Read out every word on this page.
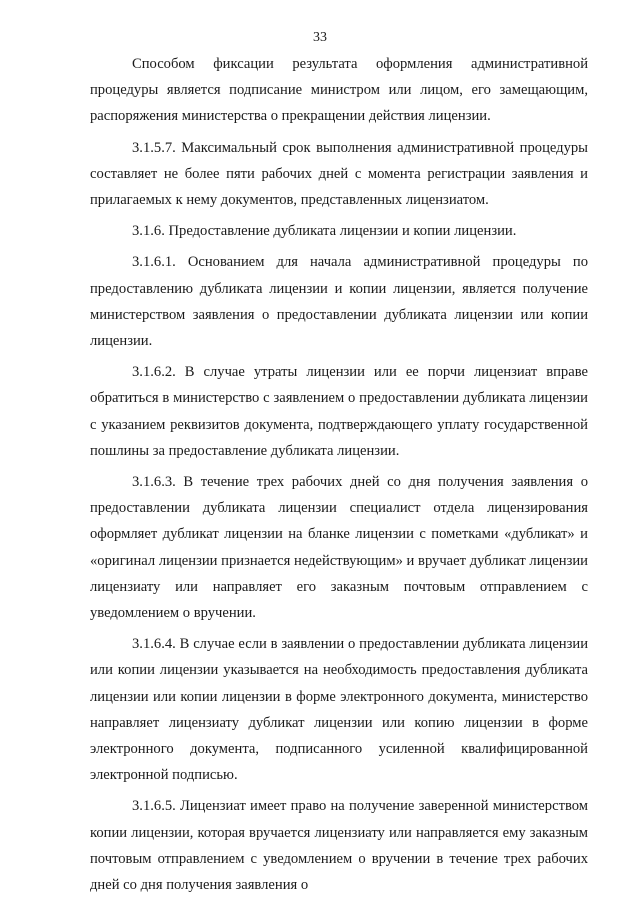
33

Способом фиксации результата оформления административной процедуры является подписание министром или лицом, его замещающим, распоряжения министерства о прекращении действия лицензии.

3.1.5.7. Максимальный срок выполнения административной процедуры составляет не более пяти рабочих дней с момента регистрации заявления и прилагаемых к нему документов, представленных лицензиатом.

3.1.6. Предоставление дубликата лицензии и копии лицензии.

3.1.6.1. Основанием для начала административной процедуры по предоставлению дубликата лицензии и копии лицензии, является получение министерством заявления о предоставлении дубликата лицензии или копии лицензии.

3.1.6.2. В случае утраты лицензии или ее порчи лицензиат вправе обратиться в министерство с заявлением о предоставлении дубликата лицензии с указанием реквизитов документа, подтверждающего уплату государственной пошлины за предоставление дубликата лицензии.

3.1.6.3. В течение трех рабочих дней со дня получения заявления о предоставлении дубликата лицензии специалист отдела лицензирования оформляет дубликат лицензии на бланке лицензии с пометками «дубликат» и «оригинал лицензии признается недействующим» и вручает дубликат лицензии лицензиату или направляет его заказным почтовым отправлением с уведомлением о вручении.

3.1.6.4. В случае если в заявлении о предоставлении дубликата лицензии или копии лицензии указывается на необходимость предоставления дубликата лицензии или копии лицензии в форме электронного документа, министерство направляет лицензиату дубликат лицензии или копию лицензии в форме электронного документа, подписанного усиленной квалифицированной электронной подписью.

3.1.6.5. Лицензиат имеет право на получение заверенной министерством копии лицензии, которая вручается лицензиату или направляется ему заказным почтовым отправлением с уведомлением о вручении в течение трех рабочих дней со дня получения заявления о
